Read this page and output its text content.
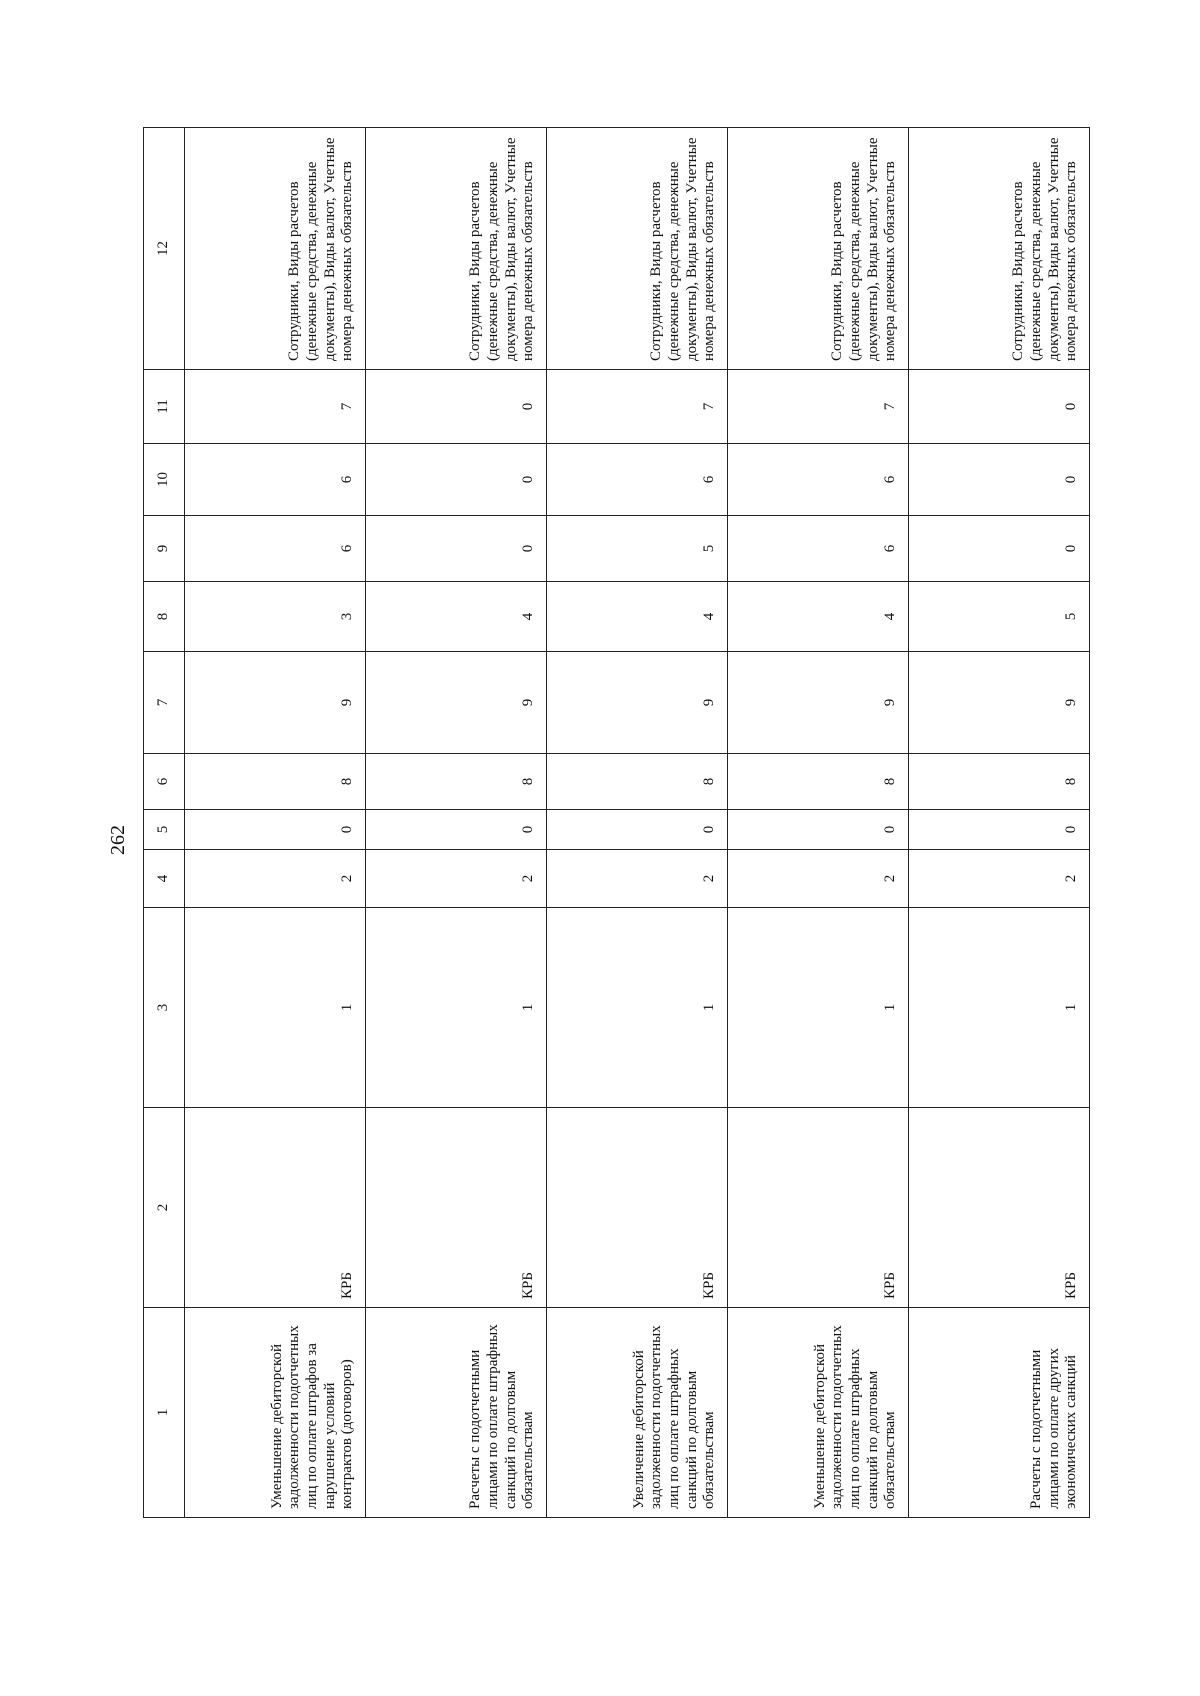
262
1	2	3	4	5	6	7	8	9	10	11	12
Уменьшение дебиторской задолженности подотчетных лиц по оплате штрафов за нарушение условий контрактов (договоров)	КРБ	1	2	0	8	9	3	6	6	7	Сотрудники, Виды расчетов (денежные средства, денежные документы), Виды валют, Учетные номера денежных обязательств
Расчеты с подотчетными лицами по оплате штрафных санкций по долговым обязательствам	КРБ	1	2	0	8	9	4	0	0	0	Сотрудники, Виды расчетов (денежные средства, денежные документы), Виды валют, Учетные номера денежных обязательств
Увеличение дебиторской задолженности подотчетных лиц по оплате штрафных санкций по долговым обязательствам	КРБ	1	2	0	8	9	4	5	6	7	Сотрудники, Виды расчетов (денежные средства, денежные документы), Виды валют, Учетные номера денежных обязательств
Уменьшение дебиторской задолженности подотчетных лиц по оплате штрафных санкций по долговым обязательствам	КРБ	1	2	0	8	9	4	6	6	7	Сотрудники, Виды расчетов (денежные средства, денежные документы), Виды валют, Учетные номера денежных обязательств
Расчеты с подотчетными лицами по оплате других экономических санкций	КРБ	1	2	0	8	9	5	0	0	0	Сотрудники, Виды расчетов (денежные средства, денежные документы), Виды валют, Учетные номера денежных обязательств
